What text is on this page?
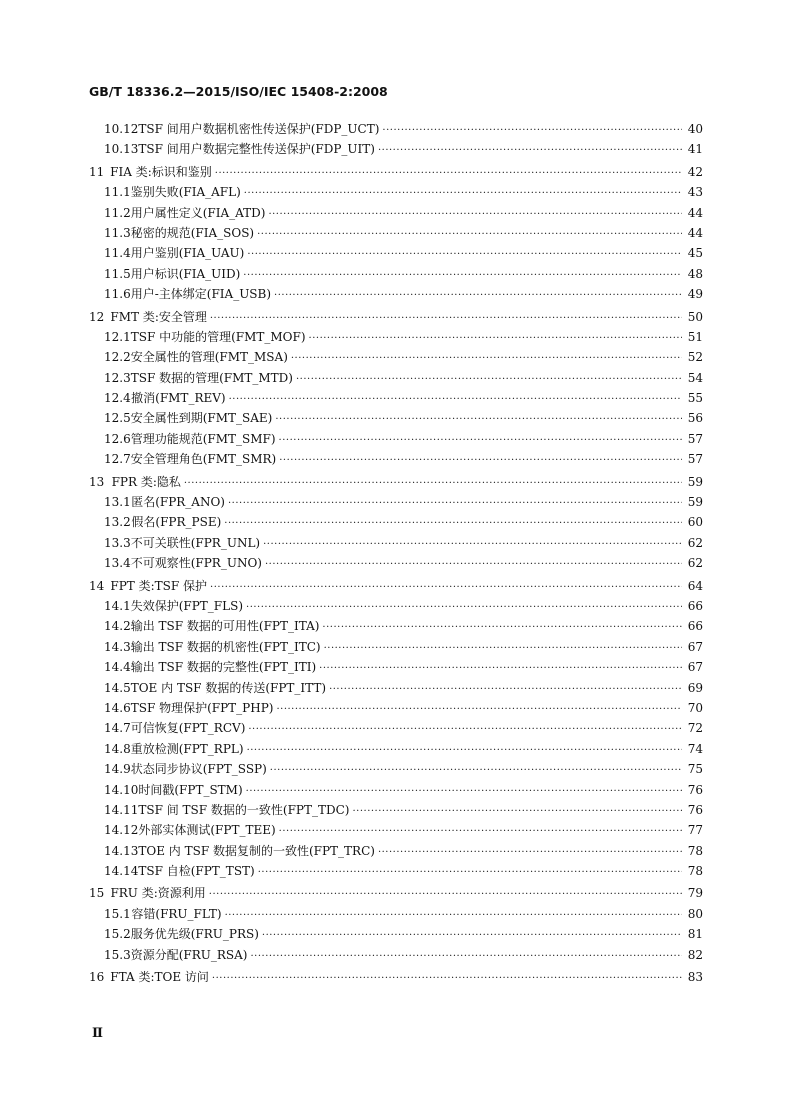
GB/T 18336.2—2015/ISO/IEC 15408-2:2008
10.12 TSF 间用户数据机密性传送保护(FDP_UCT) ·····	40
10.13 TSF 间用户数据完整性传送保护(FDP_UIT) ·····	41
11 FIA 类:标识和鉴别 ·····	42
11.1 鉴别失败(FIA_AFL) ·····	43
11.2 用户属性定义(FIA_ATD) ·····	44
11.3 秘密的规范(FIA_SOS) ·····	44
11.4 用户鉴别(FIA_UAU) ·····	45
11.5 用户标识(FIA_UID) ·····	48
11.6 用户-主体绑定(FIA_USB) ·····	49
12 FMT 类:安全管理 ·····	50
12.1 TSF 中功能的管理(FMT_MOF) ·····	51
12.2 安全属性的管理(FMT_MSA) ·····	52
12.3 TSF 数据的管理(FMT_MTD) ·····	54
12.4 撤消(FMT_REV) ·····	55
12.5 安全属性到期(FMT_SAE) ·····	56
12.6 管理功能规范(FMT_SMF) ·····	57
12.7 安全管理角色(FMT_SMR) ·····	57
13 FPR 类:隐私 ·····	59
13.1 匿名(FPR_ANO) ·····	59
13.2 假名(FPR_PSE) ·····	60
13.3 不可关联性(FPR_UNL) ·····	62
13.4 不可观察性(FPR_UNO) ·····	62
14 FPT 类:TSF 保护 ·····	64
14.1 失效保护(FPT_FLS) ·····	66
14.2 输出 TSF 数据的可用性(FPT_ITA) ·····	66
14.3 输出 TSF 数据的机密性(FPT_ITC) ·····	67
14.4 输出 TSF 数据的完整性(FPT_ITI) ·····	67
14.5 TOE 内 TSF 数据的传送(FPT_ITT) ·····	69
14.6 TSF 物理保护(FPT_PHP) ·····	70
14.7 可信恢复(FPT_RCV) ·····	72
14.8 重放检测(FPT_RPL) ·····	74
14.9 状态同步协议(FPT_SSP) ·····	75
14.10 时间戳(FPT_STM) ·····	76
14.11 TSF 间 TSF 数据的一致性(FPT_TDC) ·····	76
14.12 外部实体测试(FPT_TEE) ·····	77
14.13 TOE 内 TSF 数据复制的一致性(FPT_TRC) ·····	78
14.14 TSF 自检(FPT_TST) ·····	78
15 FRU 类:资源利用 ·····	79
15.1 容错(FRU_FLT) ·····	80
15.2 服务优先级(FRU_PRS) ·····	81
15.3 资源分配(FRU_RSA) ·····	82
16 FTA 类:TOE 访问 ·····	83
Ⅱ
